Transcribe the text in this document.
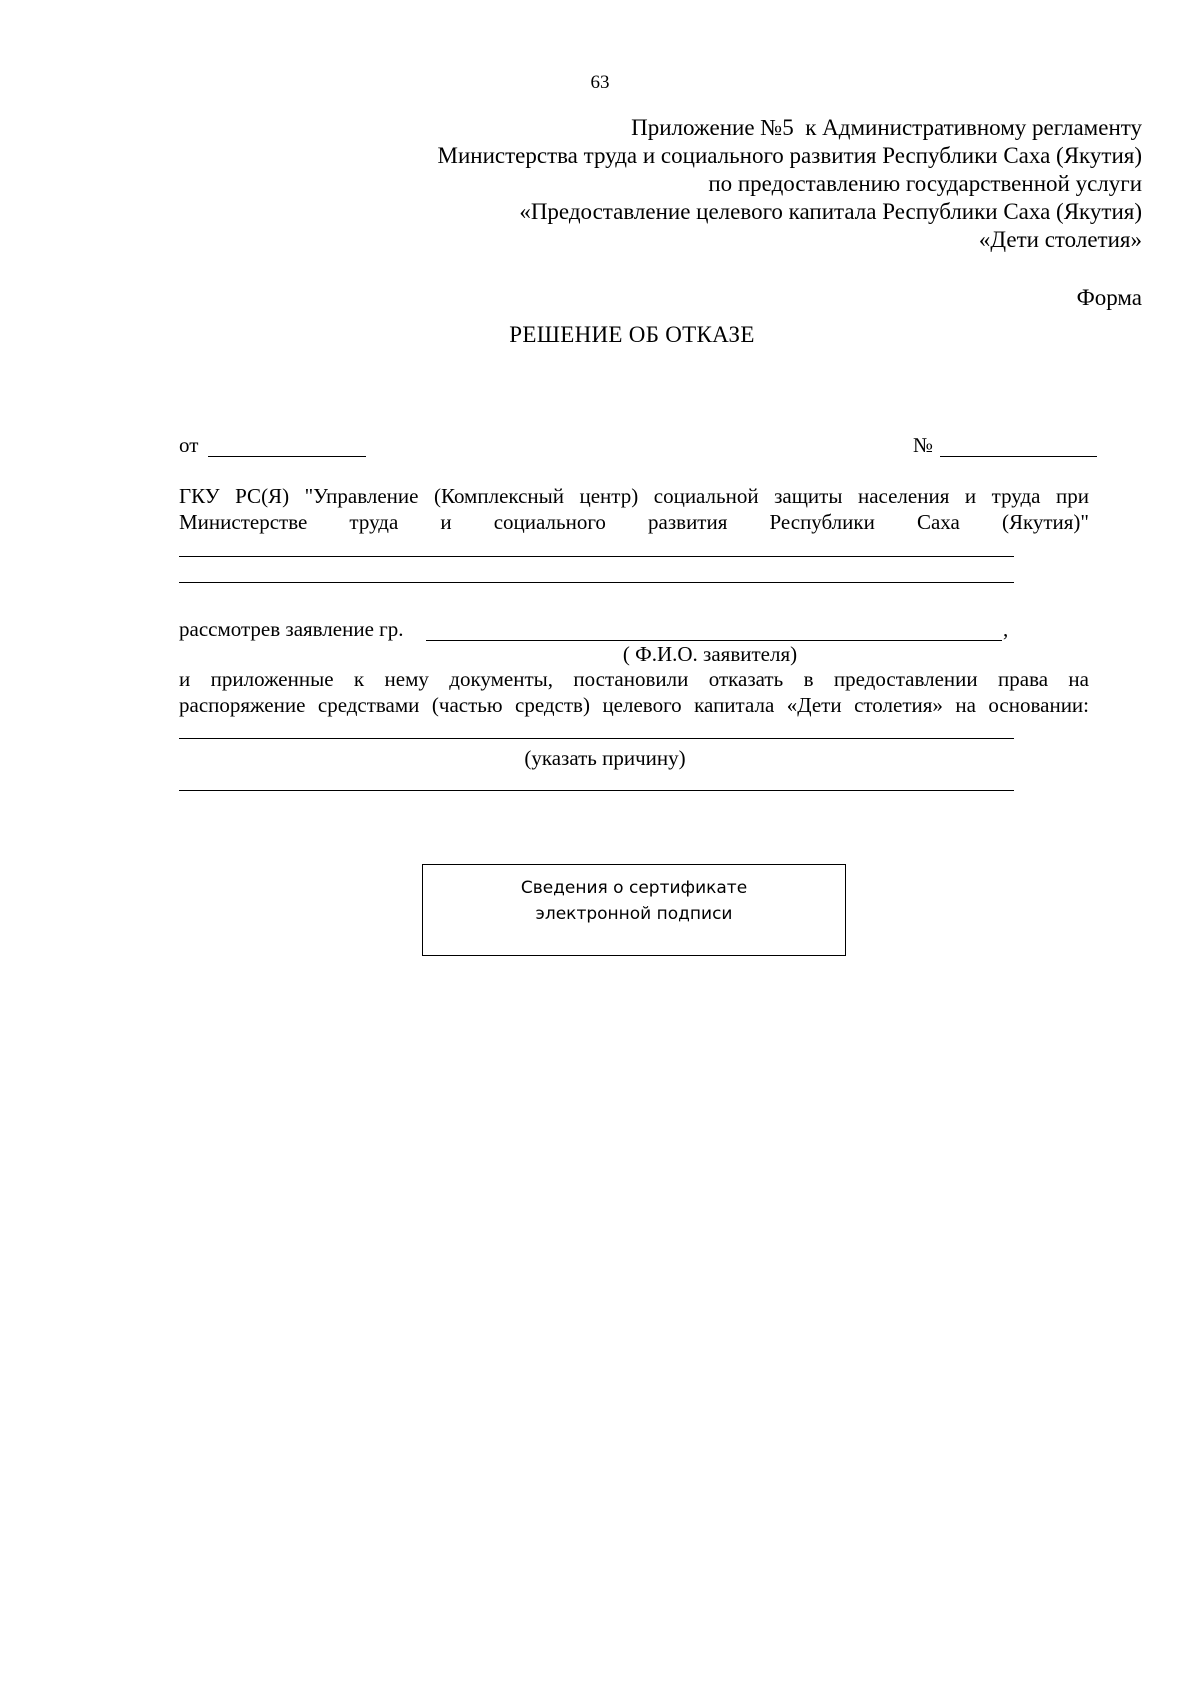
63
Приложение №5  к Административному регламенту
Министерства труда и социального развития Республики Саха (Якутия)
по предоставлению государственной услуги
«Предоставление целевого капитала Республики Саха (Якутия)
«Дети столетия»
Форма
РЕШЕНИЕ ОБ ОТКАЗЕ
от	№
ГКУ РС(Я) "Управление (Комплексный центр) социальной защиты населения и труда при
Министерстве труда и социального развития Республики Саха (Якутия)"
рассмотрев заявление гр.	,
( Ф.И.О. заявителя)
и приложенные к нему документы, постановили отказать в предоставлении права на
распоряжение средствами (частью средств) целевого капитала «Дети столетия» на основании:
(указать причину)
Сведения о сертификате
электронной подписи
